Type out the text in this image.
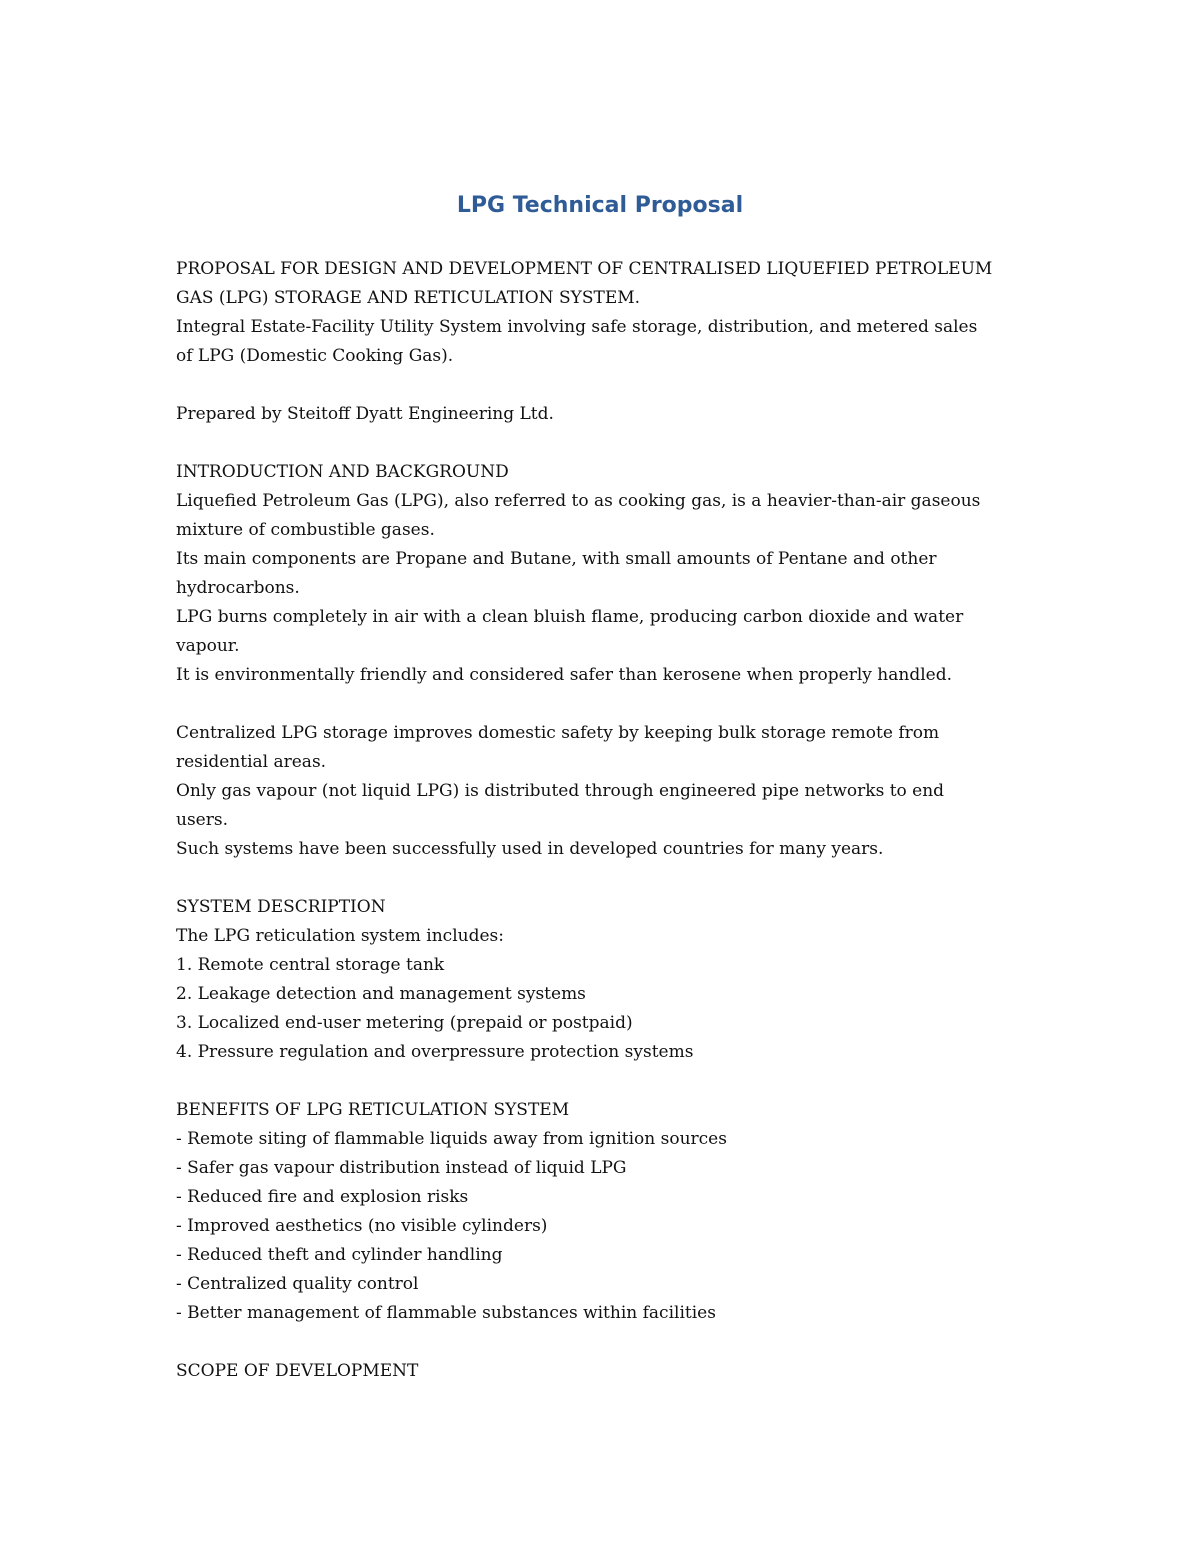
LPG Technical Proposal
PROPOSAL FOR DESIGN AND DEVELOPMENT OF CENTRALISED LIQUEFIED PETROLEUM
GAS (LPG) STORAGE AND RETICULATION SYSTEM.
Integral Estate-Facility Utility System involving safe storage, distribution, and metered sales
of LPG (Domestic Cooking Gas).
Prepared by Steitoff Dyatt Engineering Ltd.
INTRODUCTION AND BACKGROUND
Liquefied Petroleum Gas (LPG), also referred to as cooking gas, is a heavier-than-air gaseous
mixture of combustible gases.
Its main components are Propane and Butane, with small amounts of Pentane and other
hydrocarbons.
LPG burns completely in air with a clean bluish flame, producing carbon dioxide and water
vapour.
It is environmentally friendly and considered safer than kerosene when properly handled.
Centralized LPG storage improves domestic safety by keeping bulk storage remote from
residential areas.
Only gas vapour (not liquid LPG) is distributed through engineered pipe networks to end
users.
Such systems have been successfully used in developed countries for many years.
SYSTEM DESCRIPTION
The LPG reticulation system includes:
1. Remote central storage tank
2. Leakage detection and management systems
3. Localized end-user metering (prepaid or postpaid)
4. Pressure regulation and overpressure protection systems
BENEFITS OF LPG RETICULATION SYSTEM
- Remote siting of flammable liquids away from ignition sources
- Safer gas vapour distribution instead of liquid LPG
- Reduced fire and explosion risks
- Improved aesthetics (no visible cylinders)
- Reduced theft and cylinder handling
- Centralized quality control
- Better management of flammable substances within facilities
SCOPE OF DEVELOPMENT
